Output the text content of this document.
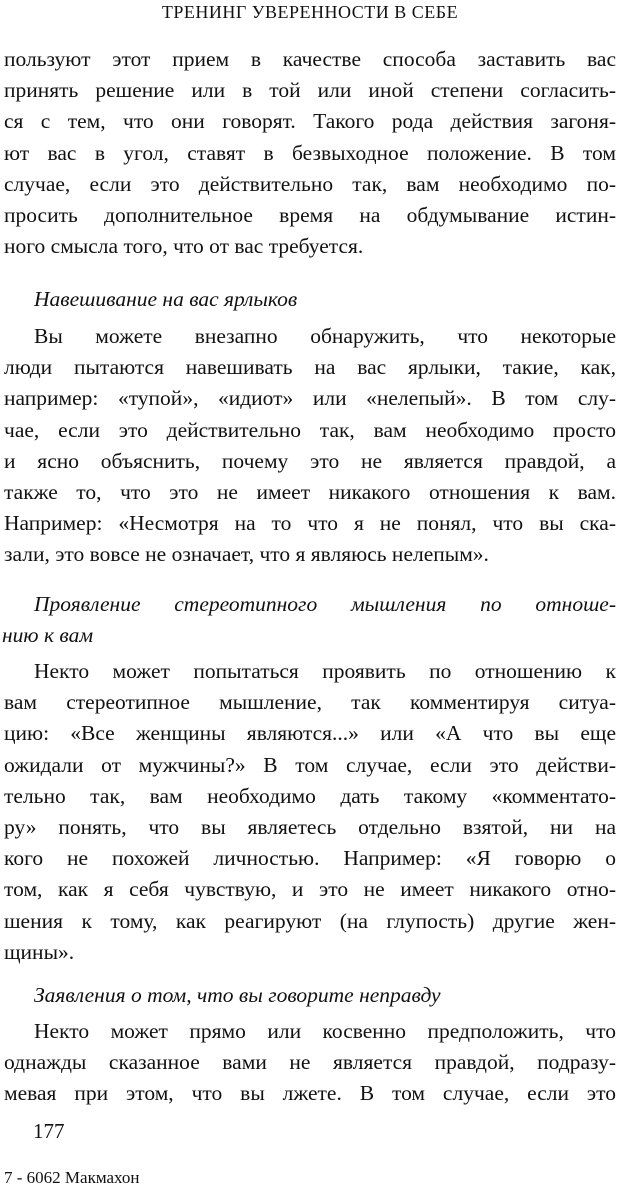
ТРЕНИНГ УВЕРЕННОСТИ В СЕБЕ
пользуют этот прием в качестве способа заставить вас
принять решение или в той или иной степени согласить-
ся с тем, что они говорят. Такого рода действия загоня-
ют вас в угол, ставят в безвыходное положение. В том
случае, если это действительно так, вам необходимо по-
просить дополнительное время на обдумывание истин-
ного смысла того, что от вас требуется.
Навешивание на вас ярлыков
Вы можете внезапно обнаружить, что некоторые
люди пытаются навешивать на вас ярлыки, такие, как,
например: «тупой», «идиот» или «нелепый». В том слу-
чае, если это действительно так, вам необходимо просто
и ясно объяснить, почему это не является правдой, а
также то, что это не имеет никакого отношения к вам.
Например: «Несмотря на то что я не понял, что вы ска-
зали, это вовсе не означает, что я являюсь нелепым».
Проявление стереотипного мышления по отноше-
нию к вам
Некто может попытаться проявить по отношению к
вам стереотипное мышление, так комментируя ситуа-
цию: «Все женщины являются...» или «А что вы еще
ожидали от мужчины?» В том случае, если это действи-
тельно так, вам необходимо дать такому «комментато-
ру» понять, что вы являетесь отдельно взятой, ни на
кого не похожей личностью. Например: «Я говорю о
том, как я себя чувствую, и это не имеет никакого отно-
шения к тому, как реагируют (на глупость) другие жен-
щины».
Заявления о том, что вы говорите неправду
Некто может прямо или косвенно предположить, что
однажды сказанное вами не является правдой, подразу-
мевая при этом, что вы лжете. В том случае, если это
177
7 - 6062 Макмахон
